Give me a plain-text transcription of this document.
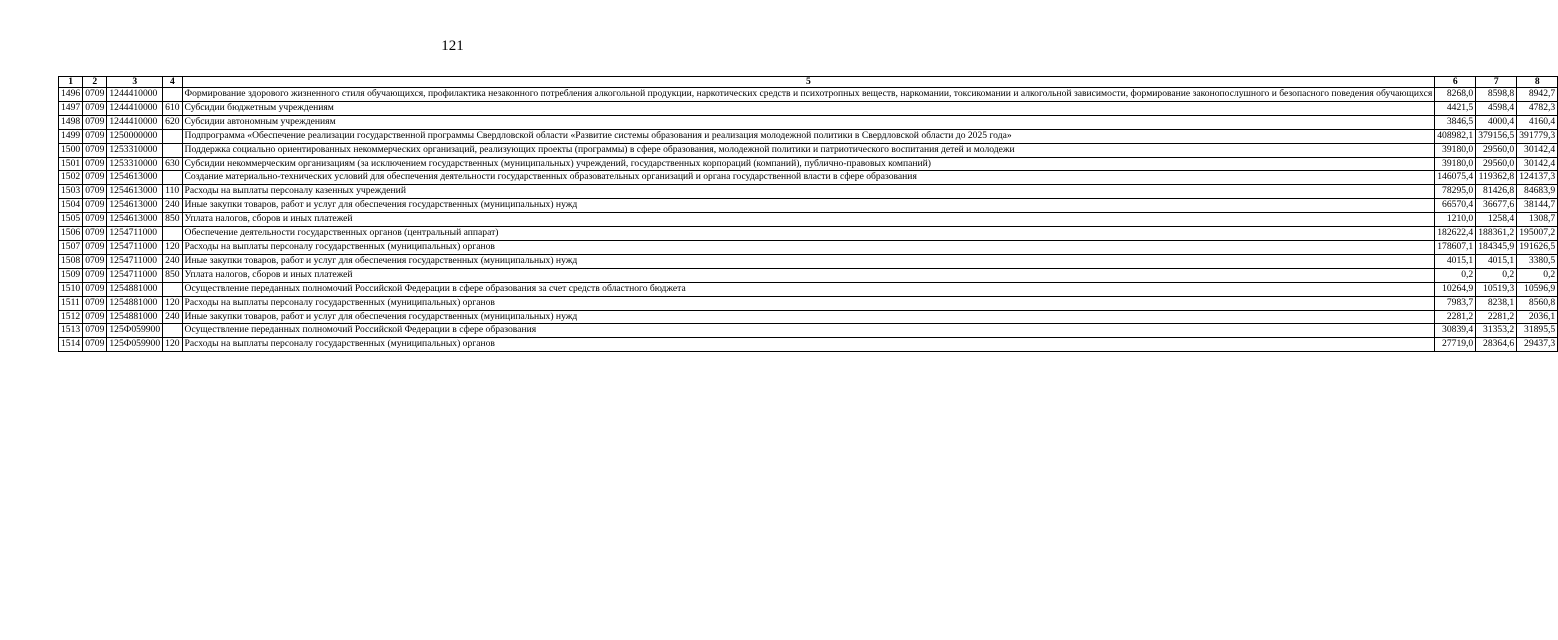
121
1	2	3	4	5	6	7	8
1496	0709	1244410000		Формирование здорового жизненного стиля обучающихся, профилактика незаконного потребления алкогольной продукции, наркотических средств и психотропных веществ, наркомании, токсикомании и алкогольной зависимости, формирование законопослушного и безопасного поведения обучающихся	8268,0	8598,8	8942,7
1497	0709	1244410000	610	Субсидии бюджетным учреждениям	4421,5	4598,4	4782,3
1498	0709	1244410000	620	Субсидии автономным учреждениям	3846,5	4000,4	4160,4
1499	0709	1250000000		Подпрограмма «Обеспечение реализации государственной программы Свердловской области «Развитие системы образования и реализация молодежной политики в Свердловской области до 2025 года»	408982,1	379156,5	391779,3
1500	0709	1253310000		Поддержка социально ориентированных некоммерческих организаций, реализующих проекты (программы) в сфере образования, молодежной политики и патриотического воспитания детей и молодежи	39180,0	29560,0	30142,4
1501	0709	1253310000	630	Субсидии некоммерческим организациям (за исключением государственных (муниципальных) учреждений, государственных корпораций (компаний), публично-правовых компаний)	39180,0	29560,0	30142,4
1502	0709	1254613000		Создание материально-технических условий для обеспечения деятельности государственных образовательных организаций и органа государственной власти в сфере образования	146075,4	119362,8	124137,3
1503	0709	1254613000	110	Расходы на выплаты персоналу казенных учреждений	78295,0	81426,8	84683,9
1504	0709	1254613000	240	Иные закупки товаров, работ и услуг для обеспечения государственных (муниципальных) нужд	66570,4	36677,6	38144,7
1505	0709	1254613000	850	Уплата налогов, сборов и иных платежей	1210,0	1258,4	1308,7
1506	0709	1254711000		Обеспечение деятельности государственных органов (центральный аппарат)	182622,4	188361,2	195007,2
1507	0709	1254711000	120	Расходы на выплаты персоналу государственных (муниципальных) органов	178607,1	184345,9	191626,5
1508	0709	1254711000	240	Иные закупки товаров, работ и услуг для обеспечения государственных (муниципальных) нужд	4015,1	4015,1	3380,5
1509	0709	1254711000	850	Уплата налогов, сборов и иных платежей	0,2	0,2	0,2
1510	0709	1254881000		Осуществление переданных полномочий Российской Федерации в сфере образования за счет средств областного бюджета	10264,9	10519,3	10596,9
1511	0709	1254881000	120	Расходы на выплаты персоналу государственных (муниципальных) органов	7983,7	8238,1	8560,8
1512	0709	1254881000	240	Иные закупки товаров, работ и услуг для обеспечения государственных (муниципальных) нужд	2281,2	2281,2	2036,1
1513	0709	125Ф059900		Осуществление переданных полномочий Российской Федерации в сфере образования	30839,4	31353,2	31895,5
1514	0709	125Ф059900	120	Расходы на выплаты персоналу государственных (муниципальных) органов	27719,0	28364,6	29437,3
